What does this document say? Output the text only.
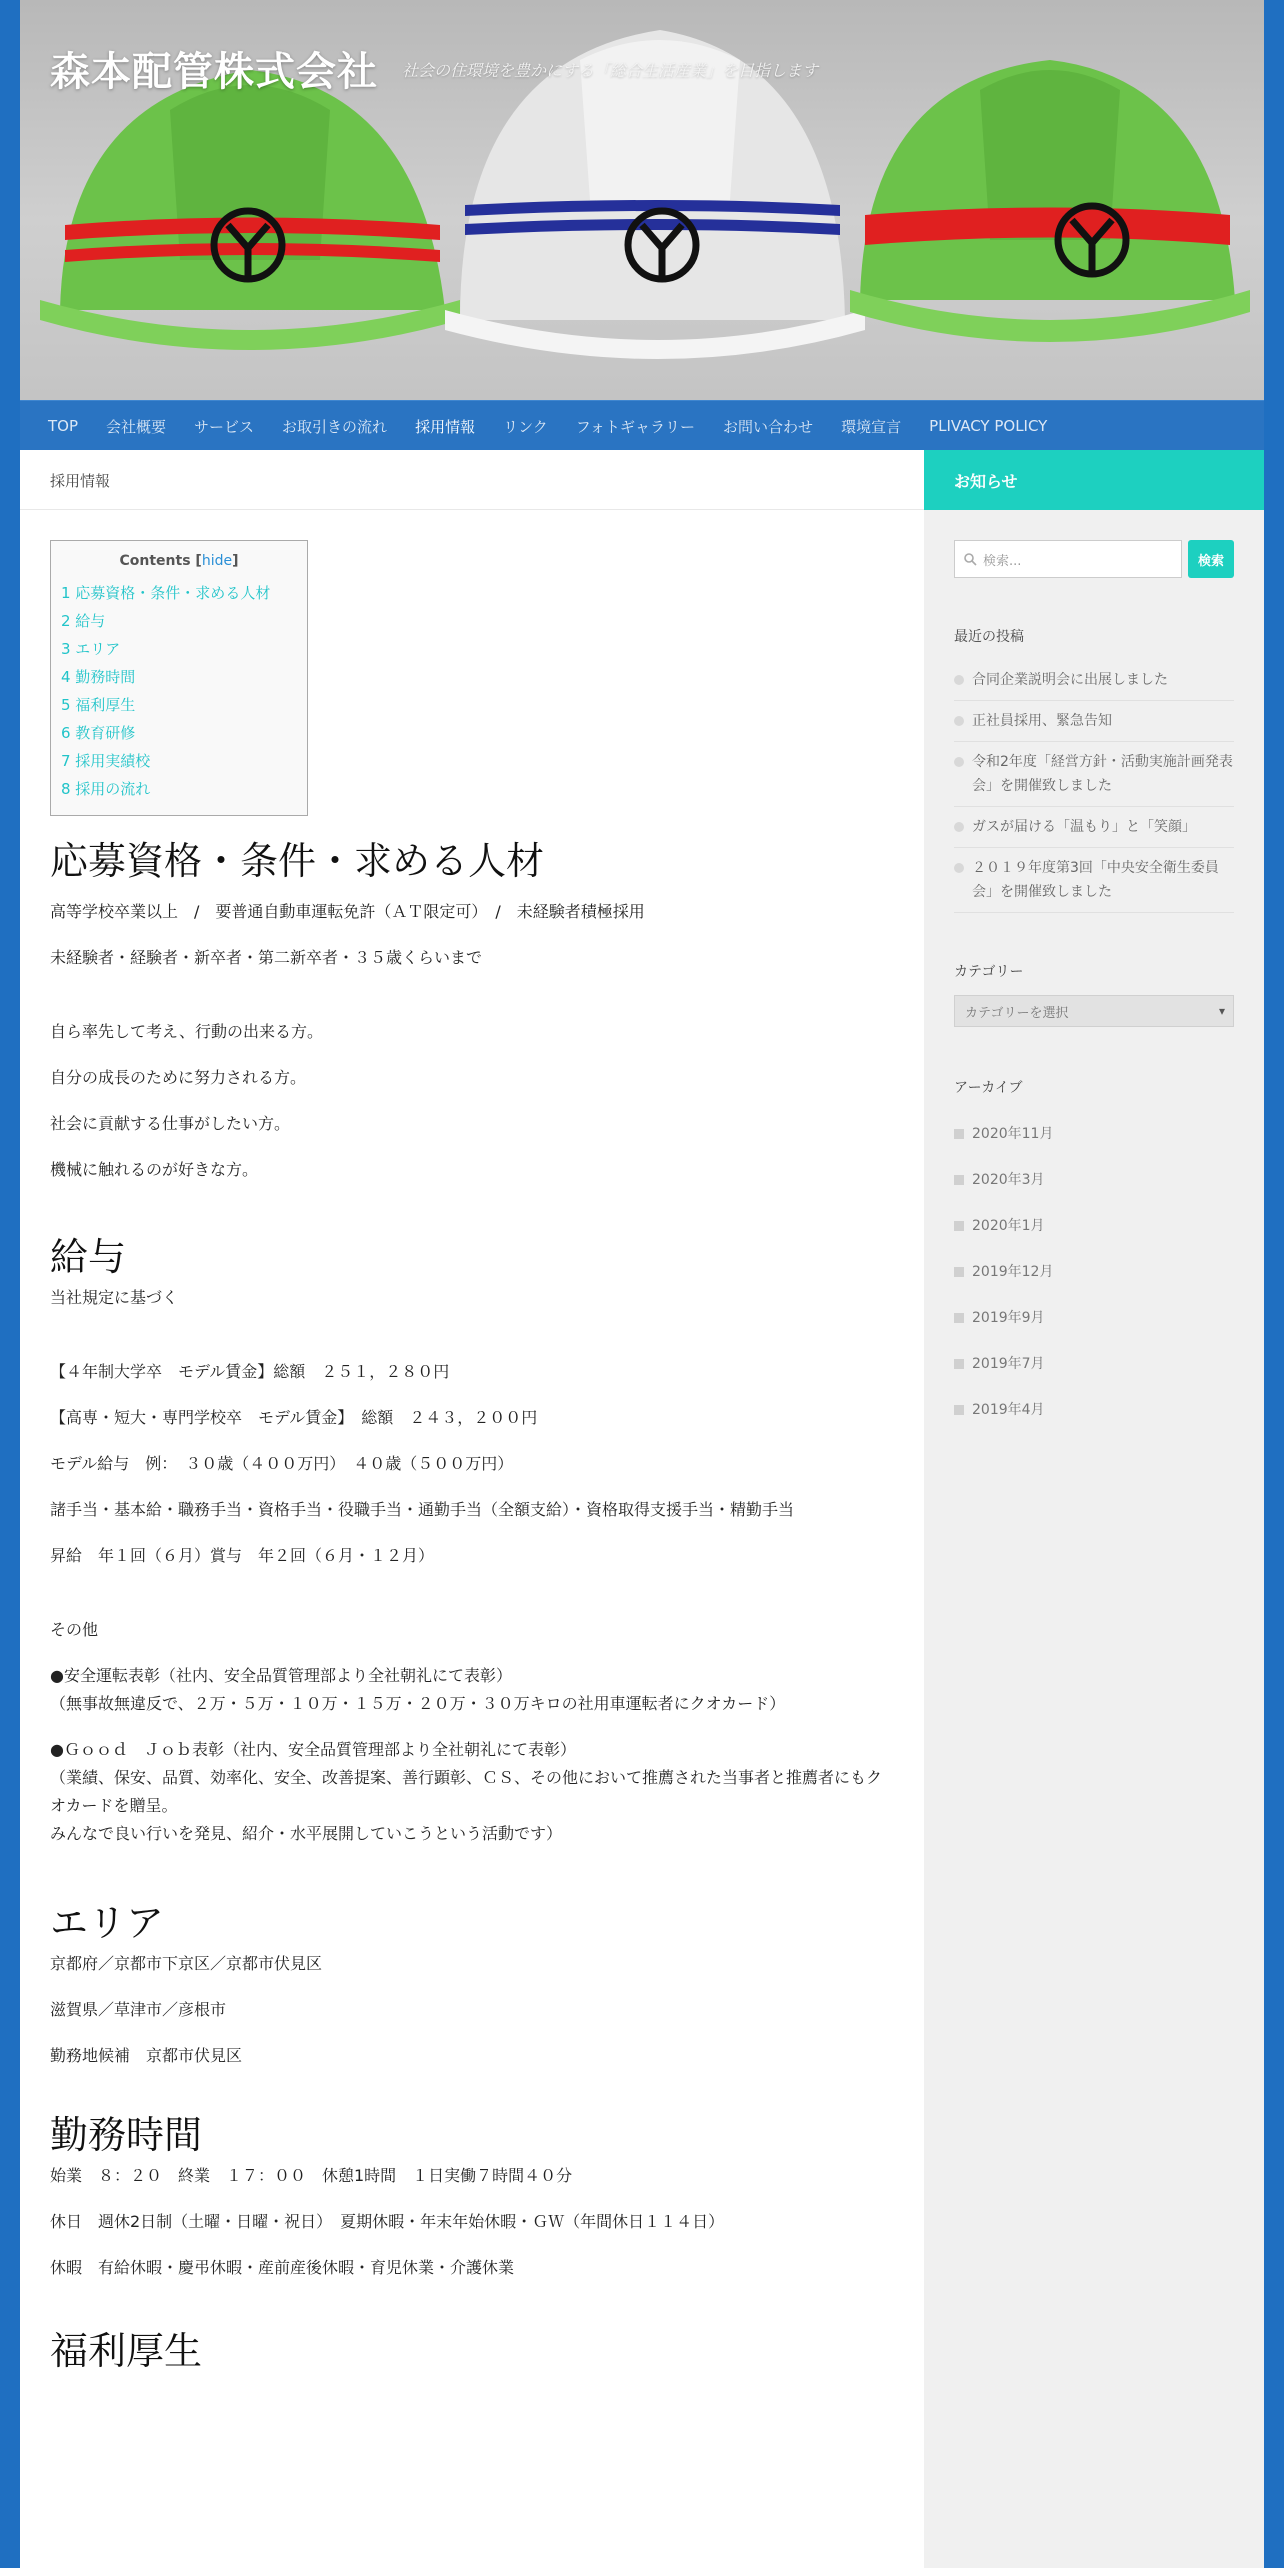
森本配管株式会社 社会の住環境を豊かにする「総合生活産業」を目指します
TOP	会社概要	サービス	お取引きの流れ	採用情報	リンク	フォトギャラリー	お問い合わせ	環境宣言	PLIVACY POLICY
採用情報
Contents [hide]
1 応募資格・条件・求める人材
2 給与
3 エリア
4 勤務時間
5 福利厚生
6 教育研修
7 採用実績校
8 採用の流れ
応募資格・条件・求める人材

高等学校卒業以上　/　要普通自動車運転免許（ＡＴ限定可）　/　未経験者積極採用

未経験者・経験者・新卒者・第二新卒者・３５歳くらいまで

自ら率先して考え、行動の出来る方。

自分の成長のために努力される方。

社会に貢献する仕事がしたい方。

機械に触れるのが好きな方。

給与

当社規定に基づく

【４年制大学卒　モデル賃金】総額　２５１，２８０円

【高専・短大・専門学校卒　モデル賃金】　総額　２４３，２００円

モデル給与　例：　３０歳（４００万円）　４０歳（５００万円）

諸手当・基本給・職務手当・資格手当・役職手当・通勤手当（全額支給）・資格取得支援手当・精勤手当

昇給　年１回（６月）賞与　年２回（６月・１２月）

その他

●安全運転表彰（社内、安全品質管理部より全社朝礼にて表彰）
（無事故無違反で、２万・５万・１０万・１５万・２０万・３０万キロの社用車運転者にクオカード）

●Ｇｏｏｄ　Ｊｏｂ表彰（社内、安全品質管理部より全社朝礼にて表彰）
（業績、保安、品質、効率化、安全、改善提案、善行顕彰、ＣＳ、その他において推薦された当事者と推薦者にもクオカードを贈呈。
みんなで良い行いを発見、紹介・水平展開していこうという活動です）

エリア

京都府／京都市下京区／京都市伏見区

滋賀県／草津市／彦根市

勤務地候補　京都市伏見区

勤務時間

始業　８：２０　終業　１７：００　休憩1時間　１日実働７時間４０分

休日　週休2日制（土曜・日曜・祝日）　夏期休暇・年末年始休暇・ＧＷ（年間休日１１４日）

休暇　有給休暇・慶弔休暇・産前産後休暇・育児休業・介護休業

福利厚生
お知らせ
検索...	検索
最近の投稿
合同企業説明会に出展しました
正社員採用、緊急告知
令和2年度「経営方針・活動実施計画発表会」を開催致しました
ガスが届ける「温もり」と「笑顔」
２０１９年度第3回「中央安全衛生委員会」を開催致しました
カテゴリー
カテゴリーを選択	▾
アーカイブ
2020年11月
2020年3月
2020年1月
2019年12月
2019年9月
2019年7月
2019年4月
